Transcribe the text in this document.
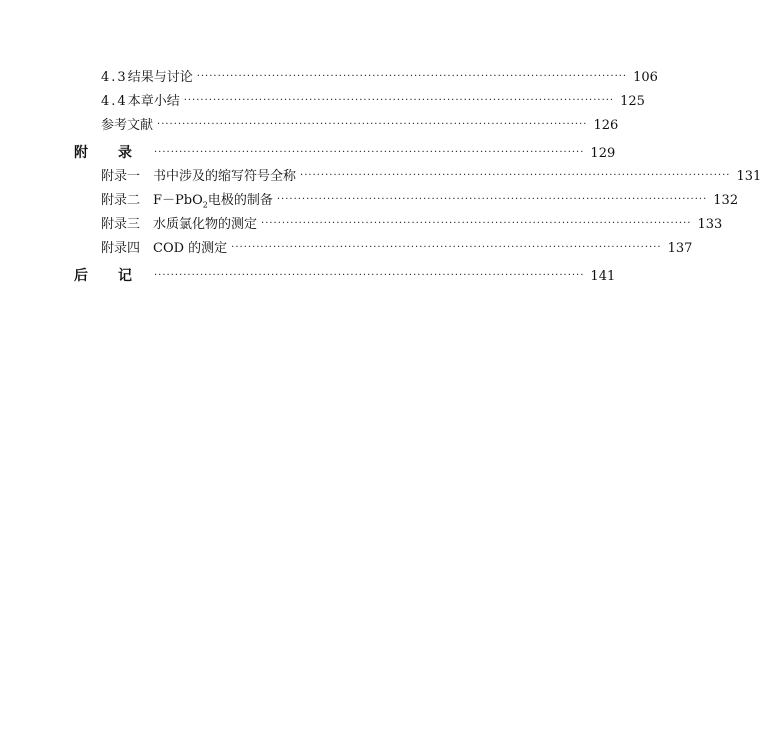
4.3 结果与讨论 ······································································································· 106
4.4 本章小结 ······································································································· 125
参考文献 ······································································································· 126
附录
······································································································· 129
附录一　书中涉及的缩写符号全称 ······································································································· 131
附录二　F－PbO$_2$电极的制备 ······································································································· 132
附录三　水质氯化物的测定 ······································································································· 133
附录四　COD 的测定 ······································································································· 137
后记
······································································································· 141
